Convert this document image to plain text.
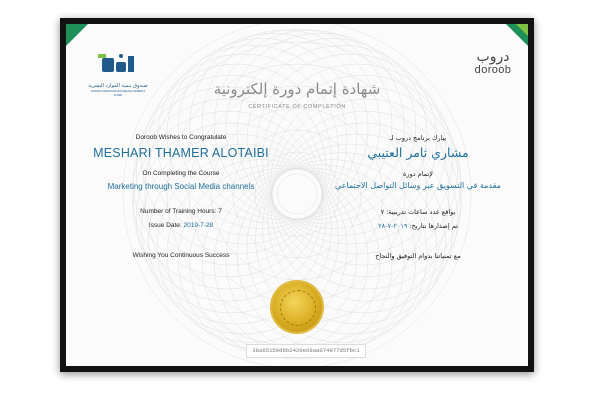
صندوق تنمية الموارد البشرية
HUMAN RESOURCES DEVELOPMENT FUND
دروب
doroob
شهادة إتمام دورة إلكترونية
CERTIFICATE OF COMPLETION
Doroob Wishes to Congratulate
MESHARI THAMER ALOTAIBI
On Completing the Course
Marketing through Social Media channels
Number of Training Hours: 7
Issue Date: 2019-7-28
Wishing You Continuous Success
يبارك برنامج دروب لـ
مشاري ثامر العتيبي
لإتمام دورة
مقدمة في التسويق عبر وسائل التواصل الاجتماعي
بواقع عدد ساعات تدريبية: ٧
تم إصدارها بتاريخ: ٢٠١٩-٧-٢٨
مع تمنياتنا بدوام التوفيق والنجاح
38a65159d6b2420e68aa074977d5fbc1
